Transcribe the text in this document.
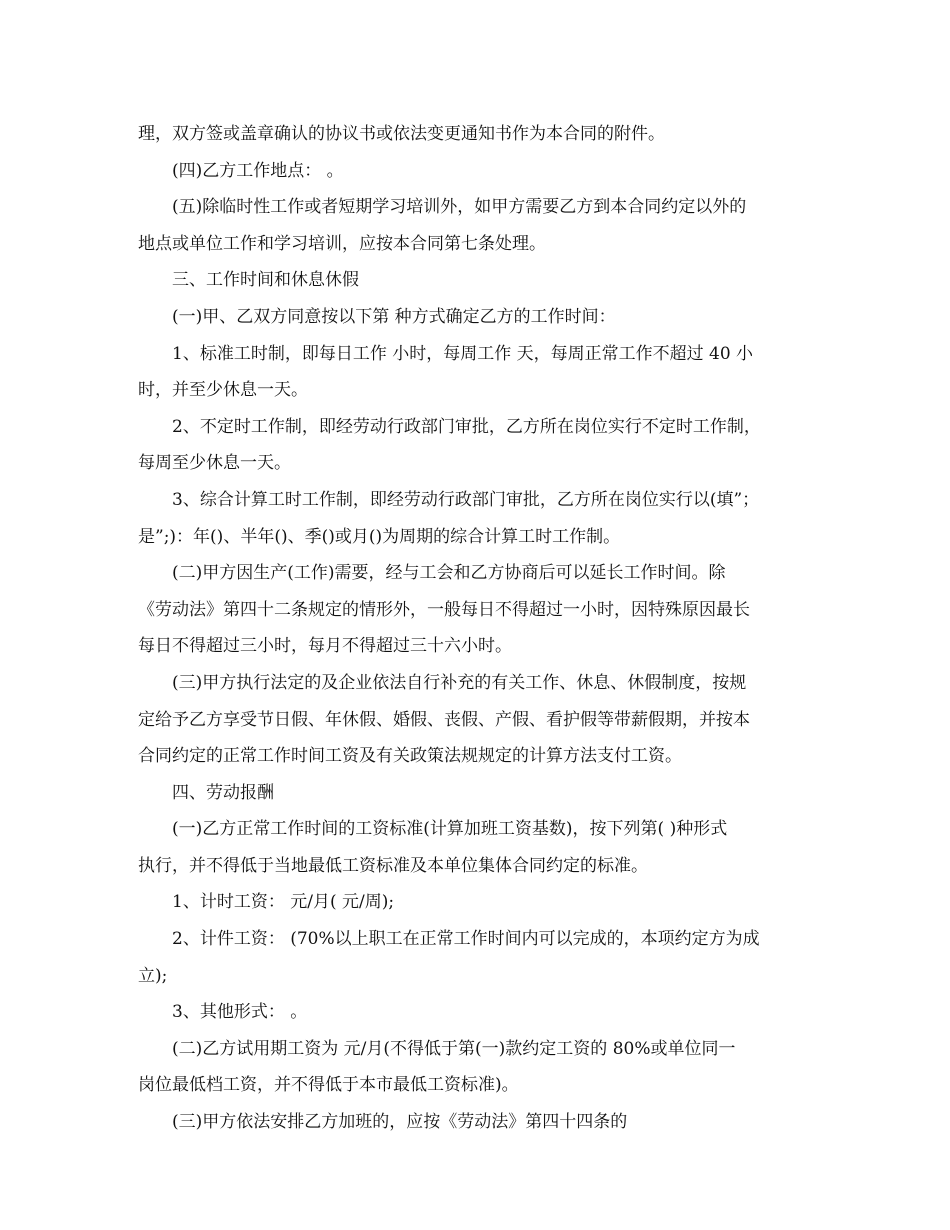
理，双方签或盖章确认的协议书或依法变更通知书作为本合同的附件。

(四)乙方工作地点： 。

(五)除临时性工作或者短期学习培训外，如甲方需要乙方到本合同约定以外的

地点或单位工作和学习培训，应按本合同第七条处理。

三、工作时间和休息休假

(一)甲、乙双方同意按以下第 种方式确定乙方的工作时间：

1、标准工时制，即每日工作 小时，每周工作 天，每周正常工作不超过 40 小

时，并至少休息一天。

2、不定时工作制，即经劳动行政部门审批，乙方所在岗位实行不定时工作制，

每周至少休息一天。

3、综合计算工时工作制，即经劳动行政部门审批，乙方所在岗位实行以(填”；

是”;)：年()、半年()、季()或月()为周期的综合计算工时工作制。

(二)甲方因生产(工作)需要，经与工会和乙方协商后可以延长工作时间。除

《劳动法》第四十二条规定的情形外，一般每日不得超过一小时，因特殊原因最长

每日不得超过三小时，每月不得超过三十六小时。

(三)甲方执行法定的及企业依法自行补充的有关工作、休息、休假制度，按规

定给予乙方享受节日假、年休假、婚假、丧假、产假、看护假等带薪假期，并按本

合同约定的正常工作时间工资及有关政策法规规定的计算方法支付工资。

四、劳动报酬

(一)乙方正常工作时间的工资标准(计算加班工资基数)，按下列第( )种形式

执行，并不得低于当地最低工资标准及本单位集体合同约定的标准。

1、计时工资： 元/月( 元/周);

2、计件工资： (70%以上职工在正常工作时间内可以完成的，本项约定方为成

立);

3、其他形式： 。

(二)乙方试用期工资为 元/月(不得低于第(一)款约定工资的 80%或单位同一

岗位最低档工资，并不得低于本市最低工资标准)。

(三)甲方依法安排乙方加班的，应按《劳动法》第四十四条的
